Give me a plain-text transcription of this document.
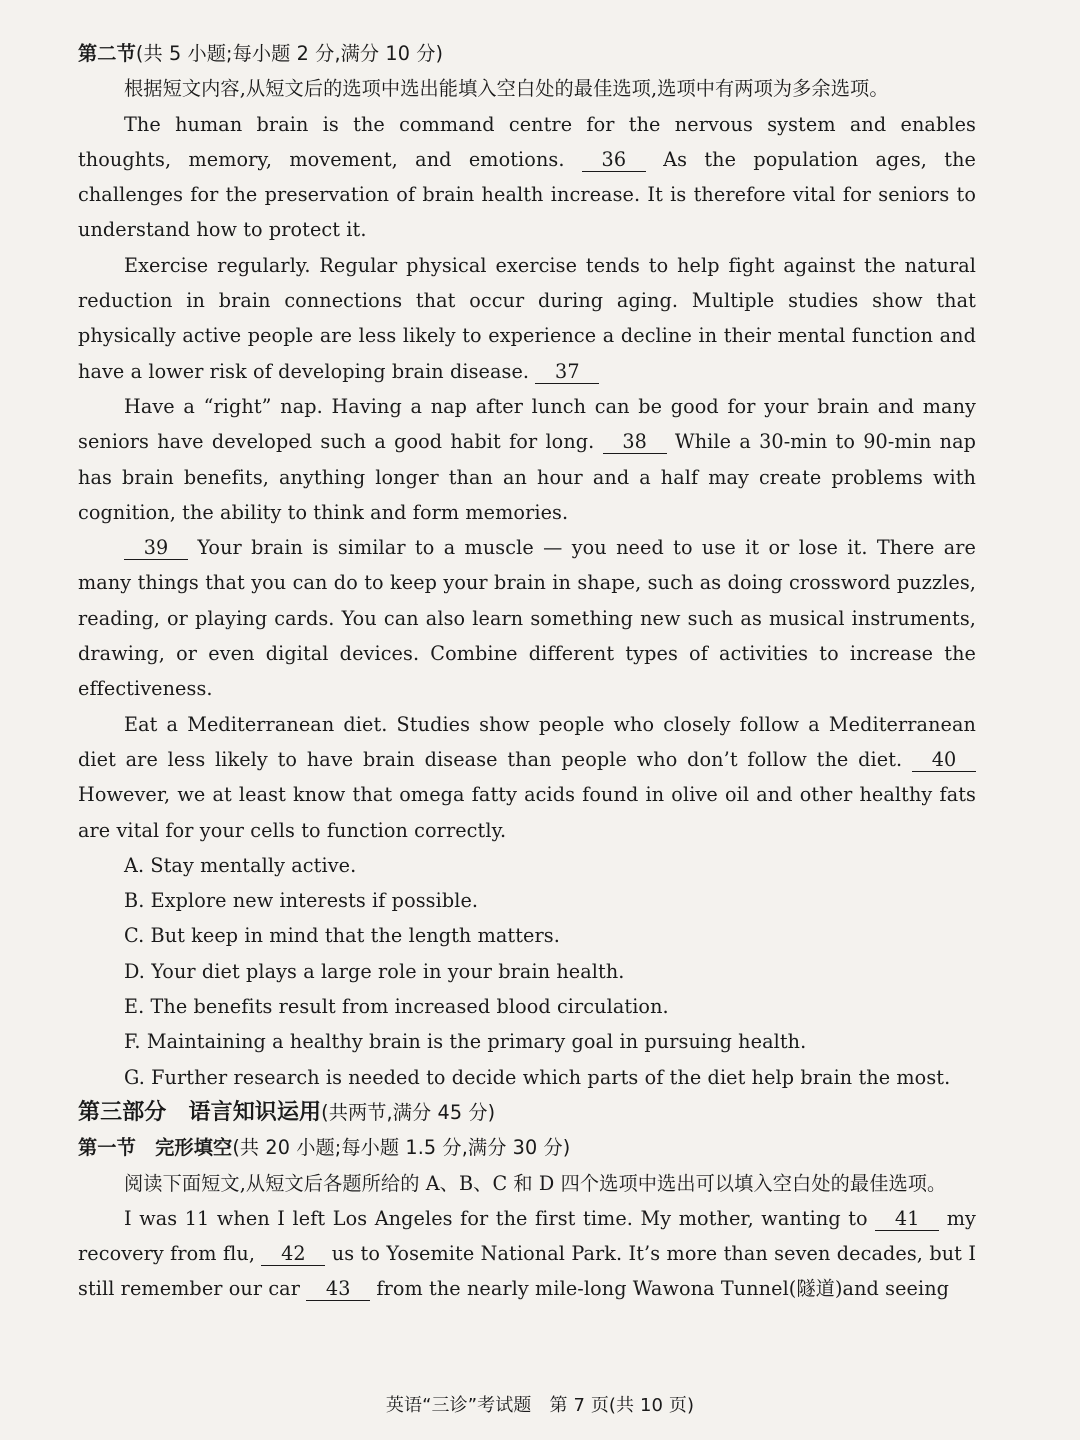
第二节(共 5 小题;每小题 2 分,满分 10 分)

根据短文内容,从短文后的选项中选出能填入空白处的最佳选项,选项中有两项为多余选项。

The human brain is the command centre for the nervous system and enables thoughts, memory, movement, and emotions. 36 As the population ages, the challenges for the preservation of brain health increase. It is therefore vital for seniors to understand how to protect it.

Exercise regularly. Regular physical exercise tends to help fight against the natural reduction in brain connections that occur during aging. Multiple studies show that physically active people are less likely to experience a decline in their mental function and have a lower risk of developing brain disease. 37

Have a “right” nap. Having a nap after lunch can be good for your brain and many seniors have developed such a good habit for long. 38 While a 30-min to 90-min nap has brain benefits, anything longer than an hour and a half may create problems with cognition, the ability to think and form memories.

39 Your brain is similar to a muscle — you need to use it or lose it. There are many things that you can do to keep your brain in shape, such as doing crossword puzzles, reading, or playing cards. You can also learn something new such as musical instruments, drawing, or even digital devices. Combine different types of activities to increase the effectiveness.

Eat a Mediterranean diet. Studies show people who closely follow a Mediterranean diet are less likely to have brain disease than people who don’t follow the diet. 40 However, we at least know that omega fatty acids found in olive oil and other healthy fats are vital for your cells to function correctly.

A. Stay mentally active.

B. Explore new interests if possible.

C. But keep in mind that the length matters.

D. Your diet plays a large role in your brain health.

E. The benefits result from increased blood circulation.

F. Maintaining a healthy brain is the primary goal in pursuing health.

G. Further research is needed to decide which parts of the diet help brain the most.

第三部分　语言知识运用(共两节,满分 45 分)

第一节　完形填空(共 20 小题;每小题 1.5 分,满分 30 分)

阅读下面短文,从短文后各题所给的 A、B、C 和 D 四个选项中选出可以填入空白处的最佳选项。

I was 11 when I left Los Angeles for the first time. My mother, wanting to 41 my recovery from flu, 42 us to Yosemite National Park. It’s more than seven decades, but I still remember our car 43 from the nearly mile-long Wawona Tunnel(隧道)and seeing

英语“三诊”考试题　第 7 页(共 10 页)
